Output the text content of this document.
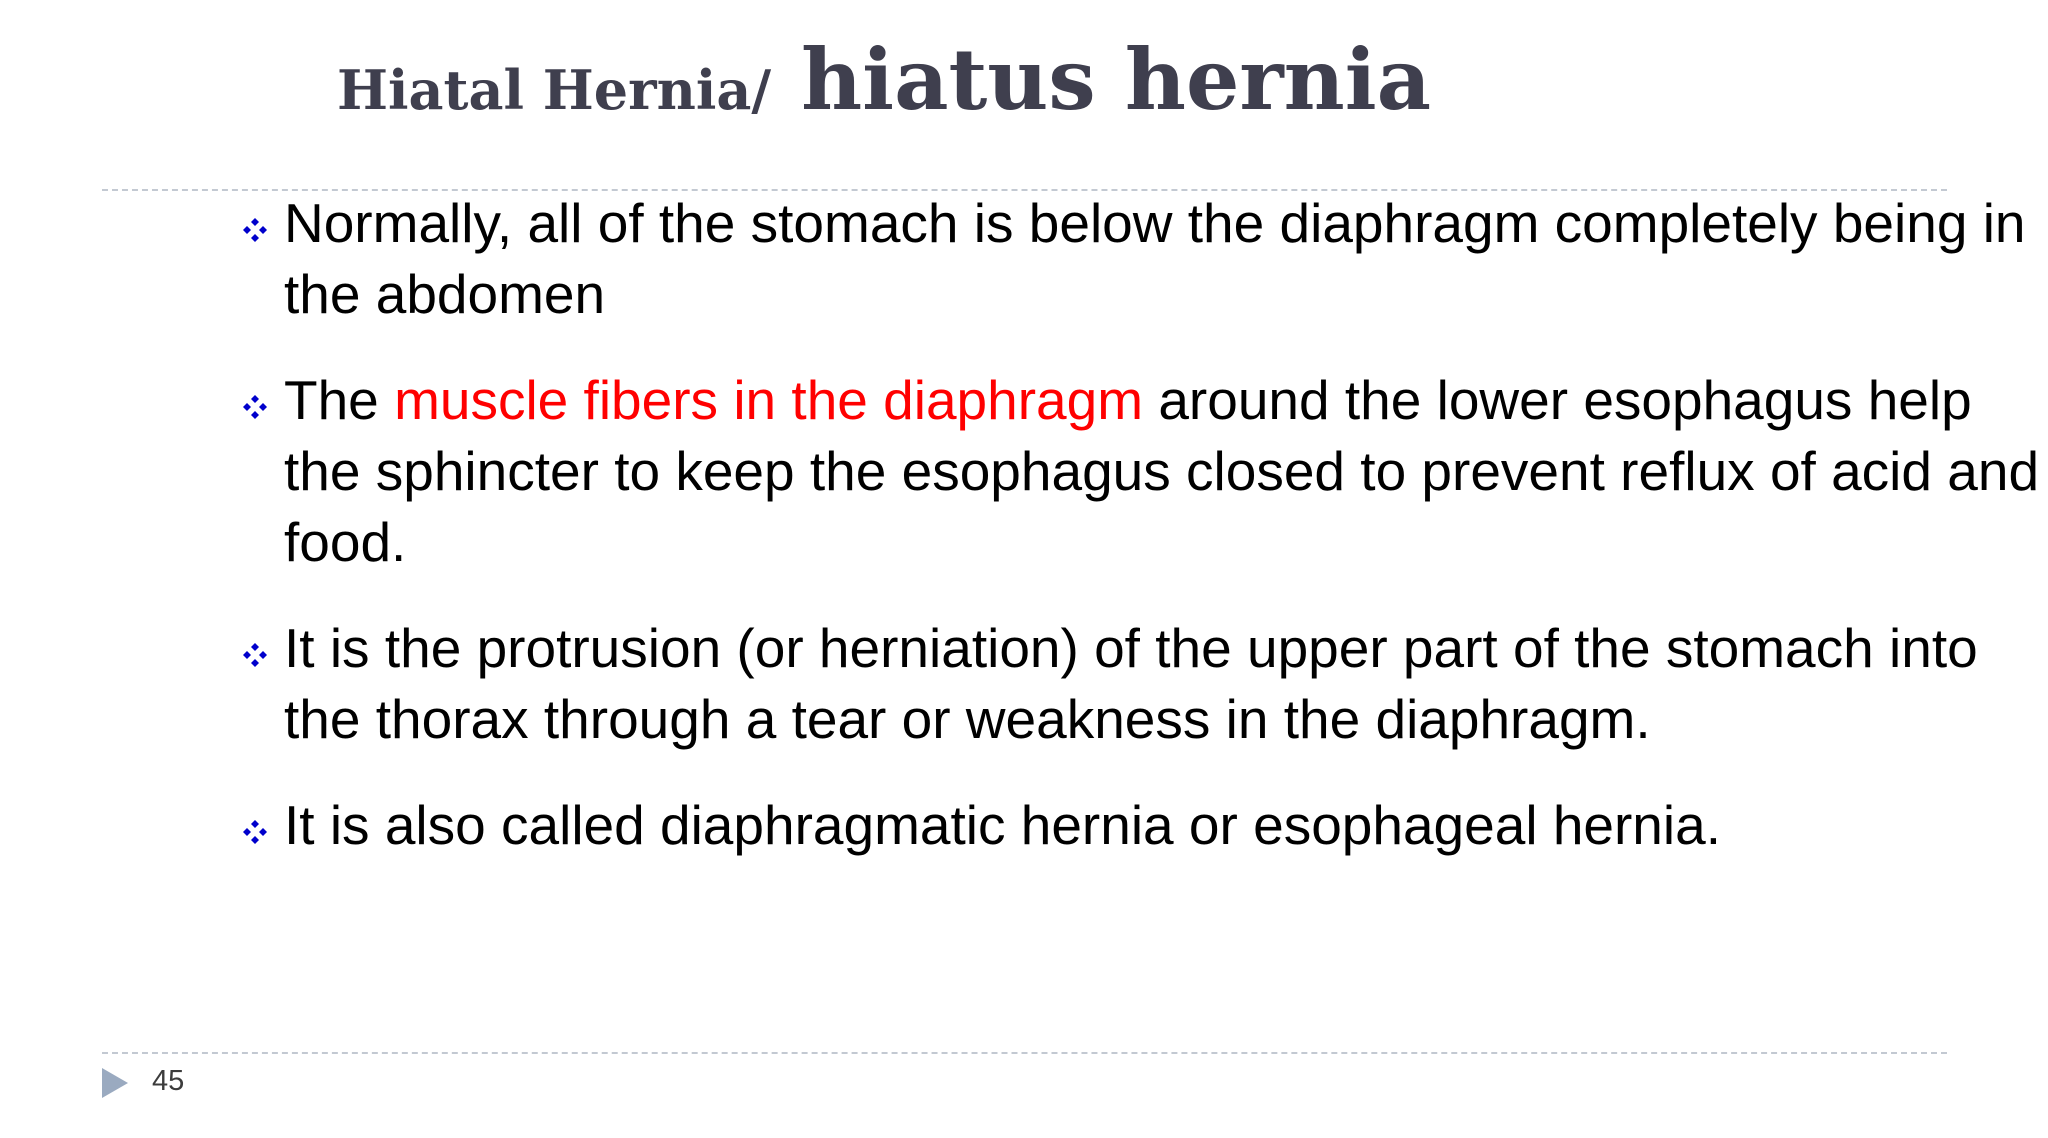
Hiatal Hernia/ hiatus hernia
Normally, all of the stomach is below the diaphragm completely being in the abdomen
The muscle fibers in the diaphragm around the lower esophagus help the sphincter to keep the esophagus closed to prevent reflux of acid and food.
It is the protrusion (or herniation) of the upper part of the stomach into the thorax through a tear or weakness in the diaphragm.
It is also called diaphragmatic hernia or esophageal hernia.
45
